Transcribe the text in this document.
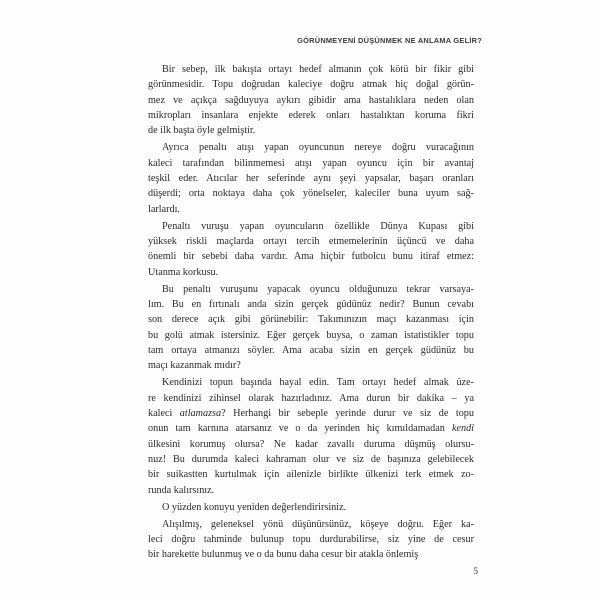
GÖRÜNMEYENİ DÜŞÜNMEK NE ANLAMA GELİR?

Bir sebep, ilk bakışta ortayı hedef almanın çok kötü bir fikir gibi
görünmesidir. Topu doğrudan kaleciye doğru atmak hiç doğal görün-
mez ve açıkça sağduyuya aykırı gibidir ama hastalıklara neden olan
mikropları insanlara enjekte ederek onları hastalıktan koruma fikri
de ilk başta öyle gelmiştir.

Ayrıca penaltı atışı yapan oyuncunun nereye doğru vuracağının
kaleci tarafından bilinmemesi atışı yapan oyuncu için bir avantaj
teşkil eder. Atıcılar her seferinde aynı şeyi yapsalar, başarı oranları
düşerdi; orta noktaya daha çok yönelseler, kaleciler buna uyum sağ-
larlardı.

Penaltı vuruşu yapan oyuncuların özellikle Dünya Kupası gibi
yüksek riskli maçlarda ortayı tercih etmemelerinin üçüncü ve daha
önemli bir sebebi daha vardır. Ama hiçbir futbolcu bunu itiraf etmez:
Utanma korkusu.

Bu penaltı vuruşunu yapacak oyuncu olduğunuzu tekrar varsaya-
lım. Bu en fırtınalı anda sizin gerçek güdünüz nedir? Bunun cevabı
son derece açık gibi görünebilir: Takımınızın maçı kazanması için
bu golü atmak istersiniz. Eğer gerçek buysa, o zaman istatistikler topu
tam ortaya atmanızı söyler. Ama acaba sizin en gerçek güdünüz bu
maçı kazanmak mıdır?

Kendinizi topun başında hayal edin. Tam ortayı hedef almak üze-
re kendinizi zihinsel olarak hazırladınız. Ama durun bir dakika – ya
kaleci atlamazsa? Herhangi bir sebeple yerinde durur ve siz de topu
onun tam karnına atarsanız ve o da yerinden hiç kımıldamadan kendi
ülkesini korumuş olursa? Ne kadar zavallı duruma düşmüş olursu-
nuz! Bu durumda kaleci kahraman olur ve siz de başınıza gelebilecek
bir suikastten kurtulmak için ailenizle birlikte ülkenizi terk etmek zo-
runda kalırsınız.

O yüzden konuyu yeniden değerlendirirsiniz.

Alışılmış, geleneksel yönü düşünürsünüz, köşeye doğru. Eğer ka-
leci doğru tahminde bulunup topu durdurabilirse, siz yine de cesur
bir harekette bulunmuş ve o da bunu daha cesur bir atakla önlemiş

5
